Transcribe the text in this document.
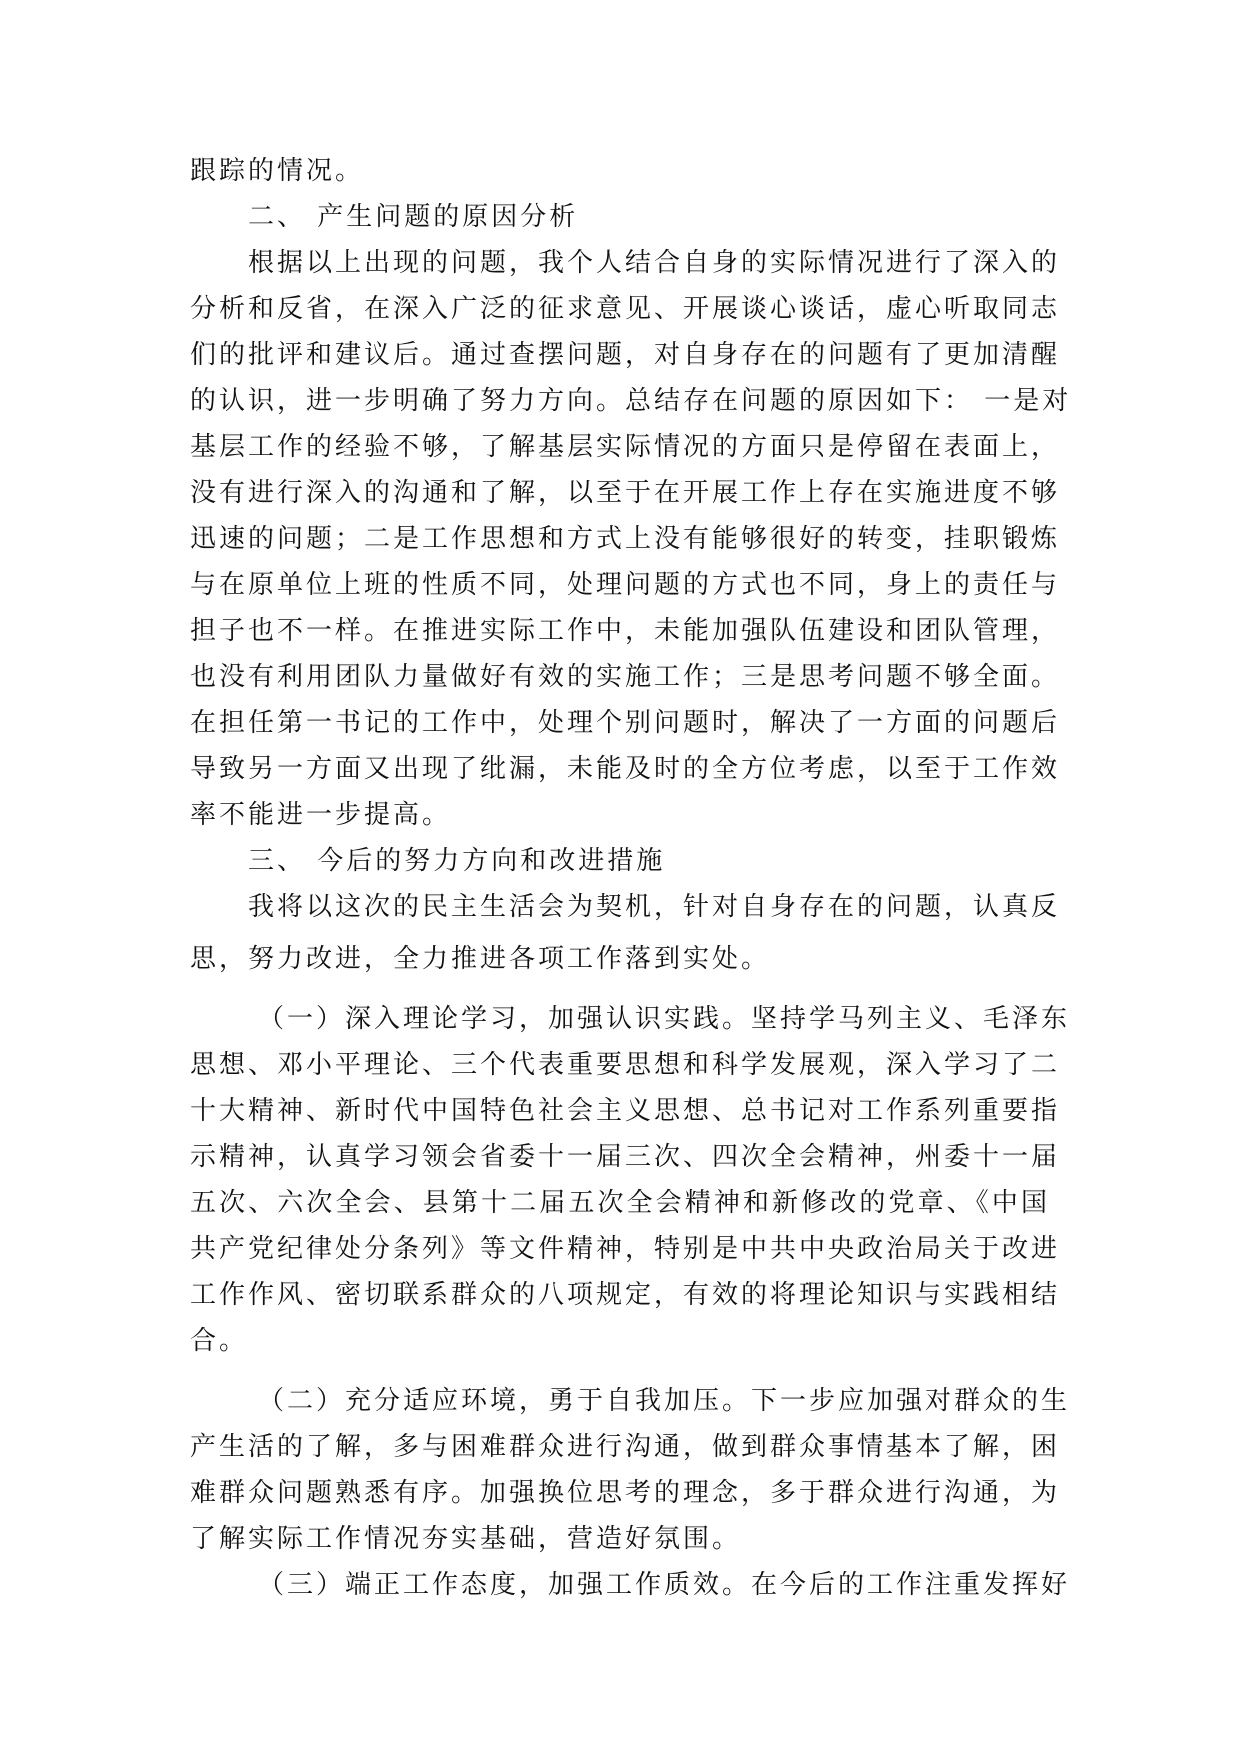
跟踪的情况。

二、 产生问题的原因分析

根据以上出现的问题，我个人结合自身的实际情况进行了深入的

分析和反省，在深入广泛的征求意见、开展谈心谈话，虚心听取同志

们的批评和建议后。通过查摆问题，对自身存在的问题有了更加清醒

的认识，进一步明确了努力方向。总结存在问题的原因如下： 一是对

基层工作的经验不够，了解基层实际情况的方面只是停留在表面上，

没有进行深入的沟通和了解，以至于在开展工作上存在实施进度不够

迅速的问题；二是工作思想和方式上没有能够很好的转变，挂职锻炼

与在原单位上班的性质不同，处理问题的方式也不同，身上的责任与

担子也不一样。在推进实际工作中，未能加强队伍建设和团队管理，

也没有利用团队力量做好有效的实施工作；三是思考问题不够全面。

在担任第一书记的工作中，处理个别问题时，解决了一方面的问题后

导致另一方面又出现了纰漏，未能及时的全方位考虑，以至于工作效

率不能进一步提高。

三、 今后的努力方向和改进措施

我将以这次的民主生活会为契机，针对自身存在的问题，认真反

思，努力改进，全力推进各项工作落到实处。

（一）深入理论学习，加强认识实践。坚持学马列主义、毛泽东

思想、邓小平理论、三个代表重要思想和科学发展观，深入学习了二

十大精神、新时代中国特色社会主义思想、总书记对工作系列重要指

示精神，认真学习领会省委十一届三次、四次全会精神，州委十一届

五次、六次全会、县第十二届五次全会精神和新修改的党章、《中国

共产党纪律处分条列》等文件精神，特别是中共中央政治局关于改进

工作作风、密切联系群众的八项规定，有效的将理论知识与实践相结

合。

（二）充分适应环境，勇于自我加压。下一步应加强对群众的生

产生活的了解，多与困难群众进行沟通，做到群众事情基本了解，困

难群众问题熟悉有序。加强换位思考的理念，多于群众进行沟通，为

了解实际工作情况夯实基础，营造好氛围。

（三）端正工作态度，加强工作质效。在今后的工作注重发挥好
